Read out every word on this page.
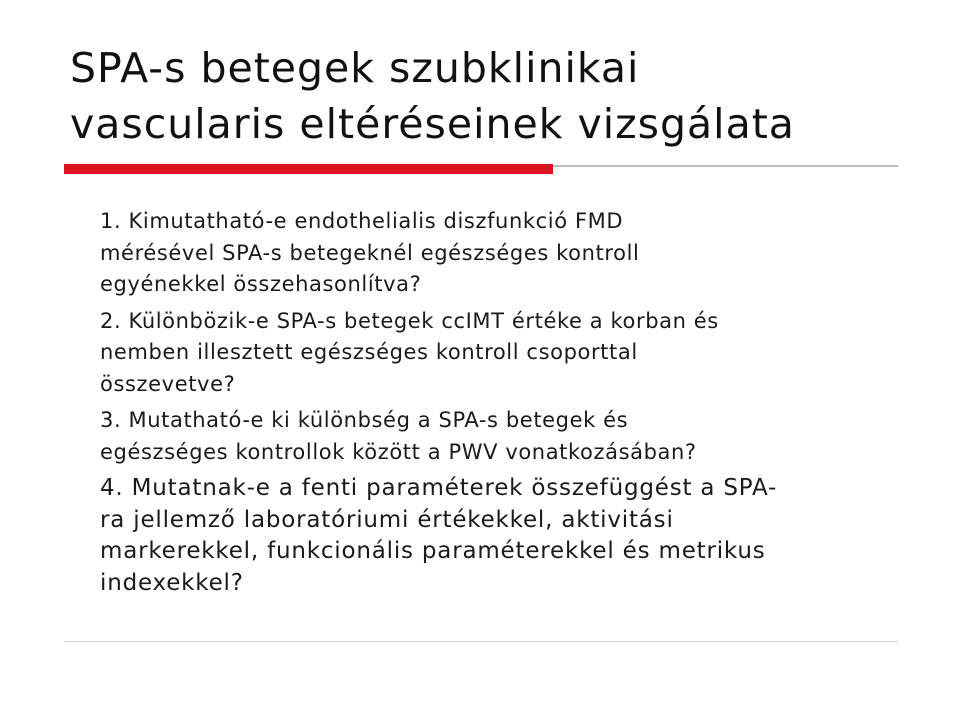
SPA-s betegek szubklinikai
vascularis eltéréseinek vizsgálata

1. Kimutatható-e endothelialis diszfunkció FMD
mérésével SPA-s betegeknél egészséges kontroll
egyénekkel összehasonlítva?

2. Különbözik-e SPA-s betegek ccIMT értéke a korban és
nemben illesztett egészséges kontroll csoporttal
összevetve?

3. Mutatható-e ki különbség a SPA-s betegek és
egészséges kontrollok között a PWV vonatkozásában?

4. Mutatnak-e a fenti paraméterek összefüggést a SPA-
ra jellemző laboratóriumi értékekkel, aktivitási
markerekkel, funkcionális paraméterekkel és metrikus
indexekkel?
